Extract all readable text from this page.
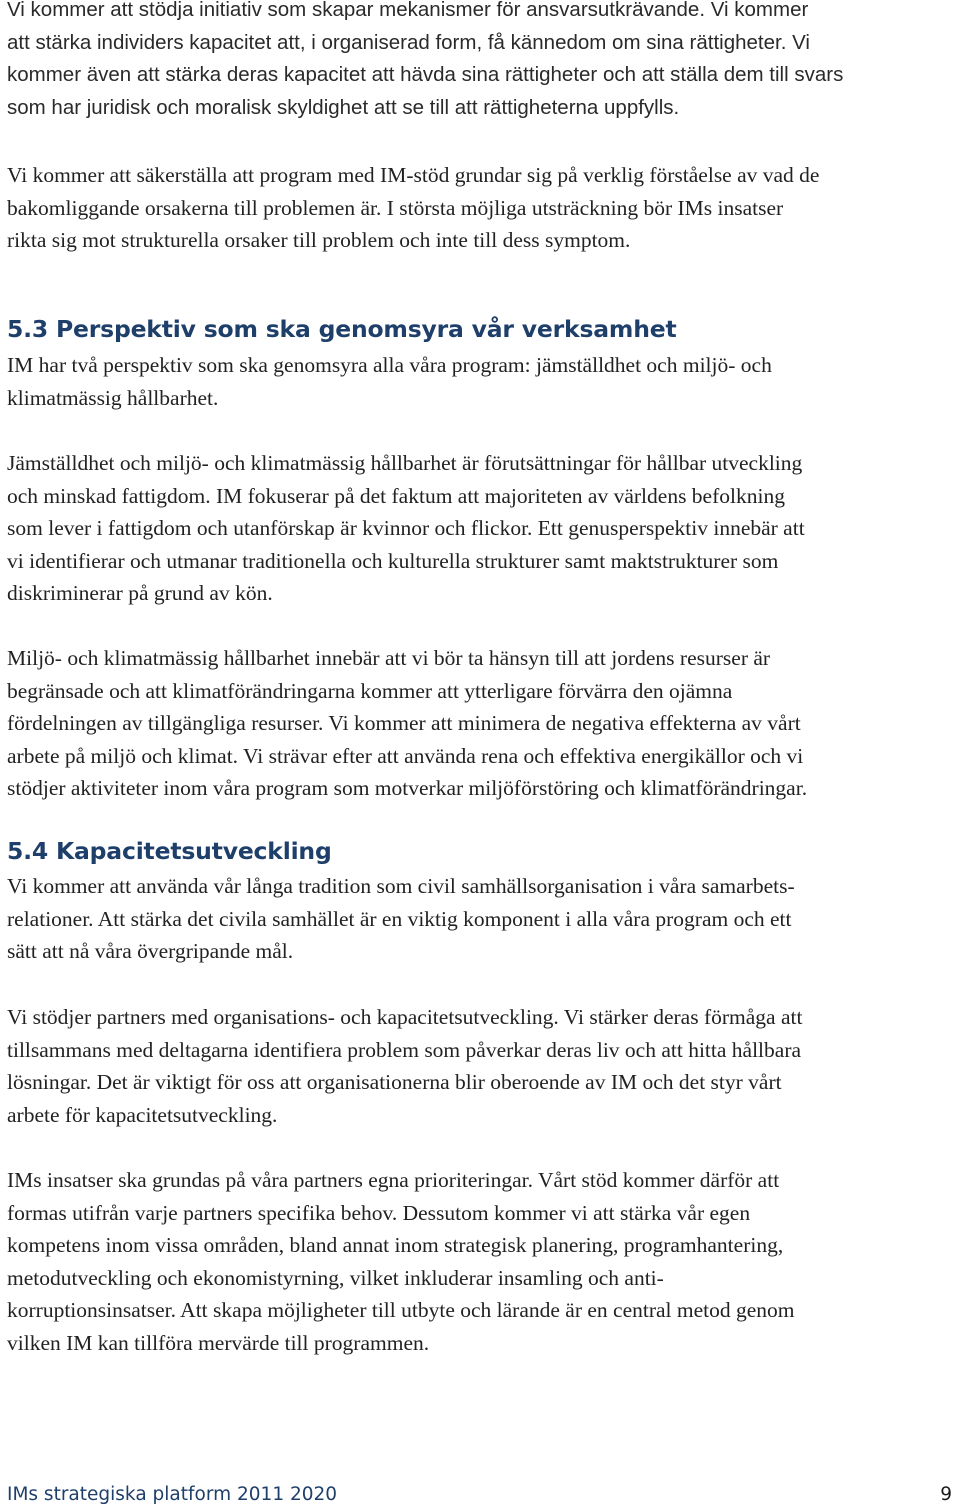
Vi kommer att stödja initiativ som skapar mekanismer för ansvarsutkrävande. Vi kommer
att stärka individers kapacitet att, i organiserad form, få kännedom om sina rättigheter. Vi
kommer även att stärka deras kapacitet att hävda sina rättigheter och att ställa dem till svars
som har juridisk och moralisk skyldighet att se till att rättigheterna uppfylls.

Vi kommer att säkerställa att program med IM-stöd grundar sig på verklig förståelse av vad de
bakomliggande orsakerna till problemen är. I största möjliga utsträckning bör IMs insatser
rikta sig mot strukturella orsaker till problem och inte till dess symptom.

5.3 Perspektiv som ska genomsyra vår verksamhet

IM har två perspektiv som ska genomsyra alla våra program: jämställdhet och miljö- och
klimatmässig hållbarhet.

Jämställdhet och miljö- och klimatmässig hållbarhet är förutsättningar för hållbar utveckling
och minskad fattigdom. IM fokuserar på det faktum att majoriteten av världens befolkning
som lever i fattigdom och utanförskap är kvinnor och flickor. Ett genusperspektiv innebär att
vi identifierar och utmanar traditionella och kulturella strukturer samt maktstrukturer som
diskriminerar på grund av kön.

Miljö- och klimatmässig hållbarhet innebär att vi bör ta hänsyn till att jordens resurser är
begränsade och att klimatförändringarna kommer att ytterligare förvärra den ojämna
fördelningen av tillgängliga resurser. Vi kommer att minimera de negativa effekterna av vårt
arbete på miljö och klimat. Vi strävar efter att använda rena och effektiva energikällor och vi
stödjer aktiviteter inom våra program som motverkar miljöförstöring och klimatförändringar.

5.4 Kapacitetsutveckling

Vi kommer att använda vår långa tradition som civil samhällsorganisation i våra samarbets-
relationer. Att stärka det civila samhället är en viktig komponent i alla våra program och ett
sätt att nå våra övergripande mål.

Vi stödjer partners med organisations- och kapacitetsutveckling. Vi stärker deras förmåga att
tillsammans med deltagarna identifiera problem som påverkar deras liv och att hitta hållbara
lösningar. Det är viktigt för oss att organisationerna blir oberoende av IM och det styr vårt
arbete för kapacitetsutveckling.

IMs insatser ska grundas på våra partners egna prioriteringar. Vårt stöd kommer därför att
formas utifrån varje partners specifika behov. Dessutom kommer vi att stärka vår egen
kompetens inom vissa områden, bland annat inom strategisk planering, programhantering,
metodutveckling och ekonomistyrning, vilket inkluderar insamling och anti-
korruptionsinsatser. Att skapa möjligheter till utbyte och lärande är en central metod genom
vilken IM kan tillföra mervärde till programmen.

IMs strategiska platform 2011 2020	9
